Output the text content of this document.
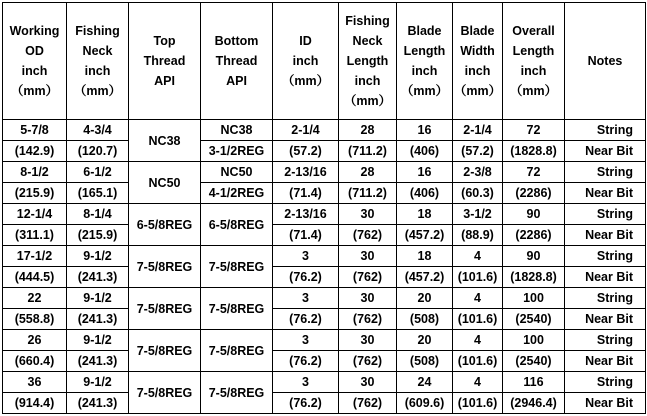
Working
OD
inch
（mm）	Fishing
Neck
inch
（mm）	Top
Thread
API	Bottom
Thread
API	ID
inch
（mm）	Fishing
Neck
Length
inch
（mm）	Blade
Length
inch
（mm）	Blade
Width
inch
（mm）	Overall
Length
inch
（mm）	Notes
5-7/8	4-3/4	NC38	NC38	2-1/4	28	16	2-1/4	72	String

(142.9)	(120.7)		3-1/2REG	(57.2)	(711.2)	(406)	(57.2)	(1828.8)	Near Bit

8-1/2	6-1/2	NC50	NC50	2-13/16	28	16	2-3/8	72	String

(215.9)	(165.1)		4-1/2REG	(71.4)	(711.2)	(406)	(60.3)	(2286)	Near Bit

12-1/4	8-1/4	6-5/8REG	6-5/8REG	2-13/16	30	18	3-1/2	90	String

(311.1)	(215.9)			(71.4)	(762)	(457.2)	(88.9)	(2286)	Near Bit

17-1/2	9-1/2	7-5/8REG	7-5/8REG	3	30	18	4	90	String

(444.5)	(241.3)			(76.2)	(762)	(457.2)	(101.6)	(1828.8)	Near Bit

22	9-1/2	7-5/8REG	7-5/8REG	3	30	20	4	100	String

(558.8)	(241.3)			(76.2)	(762)	(508)	(101.6)	(2540)	Near Bit

26	9-1/2	7-5/8REG	7-5/8REG	3	30	20	4	100	String

(660.4)	(241.3)			(76.2)	(762)	(508)	(101.6)	(2540)	Near Bit

36	9-1/2	7-5/8REG	7-5/8REG	3	30	24	4	116	String

(914.4)	(241.3)			(76.2)	(762)	(609.6)	(101.6)	(2946.4)	Near Bit
